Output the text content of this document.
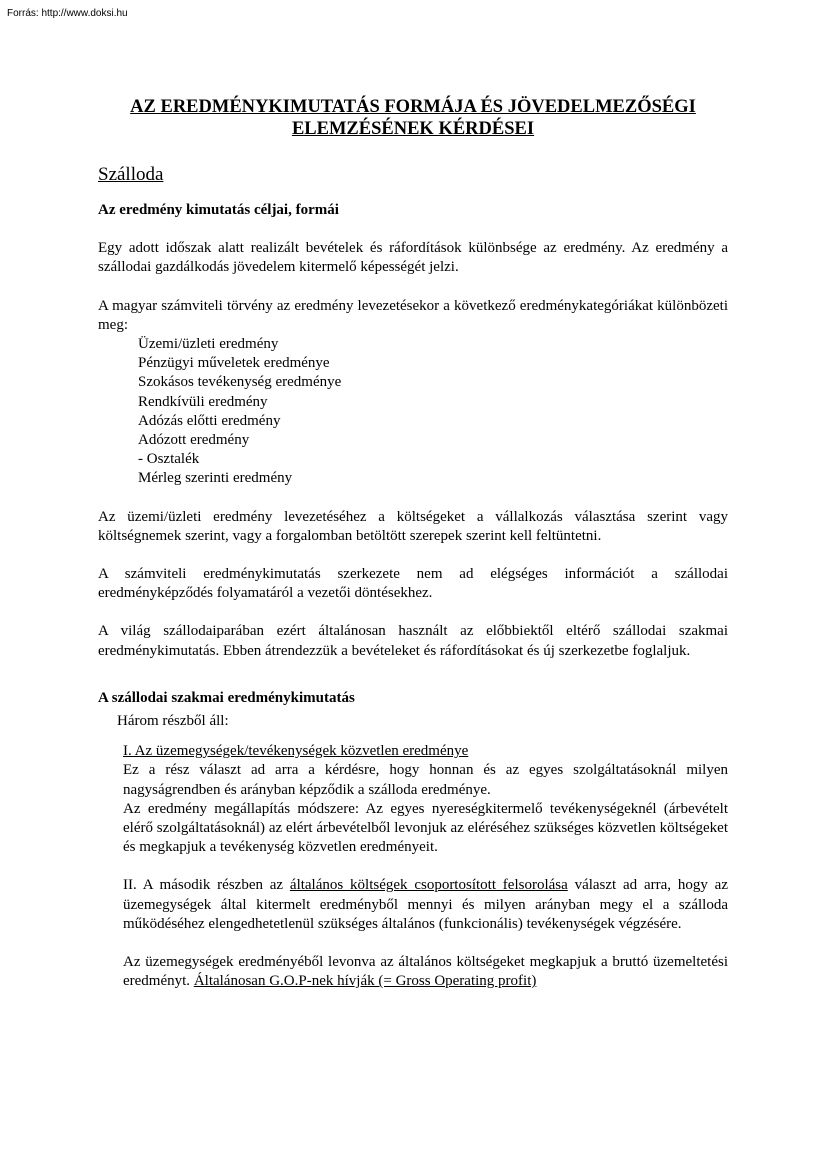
Forrás: http://www.doksi.hu
AZ EREDMÉNYKIMUTATÁS FORMÁJA ÉS JÖVEDELMEZŐSÉGI
ELEMZÉSÉNEK KÉRDÉSEI
Szálloda
Az eredmény kimutatás céljai, formái

Egy adott időszak alatt realizált bevételek és ráfordítások különbsége az eredmény. Az eredmény a szállodai gazdálkodás jövedelem kitermelő képességét jelzi.

A magyar számviteli törvény az eredmény levezetésekor a következő eredménykategóriákat különbözeti meg:

Üzemi/üzleti eredmény
Pénzügyi műveletek eredménye
Szokásos tevékenység eredménye
Rendkívüli eredmény
Adózás előtti eredmény
Adózott eredmény
- Osztalék
Mérleg szerinti eredmény

Az üzemi/üzleti eredmény levezetéséhez a költségeket a vállalkozás választása szerint vagy költségnemek szerint, vagy a forgalomban betöltött szerepek szerint kell feltüntetni.

A számviteli eredménykimutatás szerkezete nem ad elégséges információt a szállodai eredményképződés folyamatáról a vezetői döntésekhez.

A világ szállodaiparában ezért általánosan használt az előbbiektől eltérő szállodai szakmai eredménykimutatás. Ebben átrendezzük a bevételeket és ráfordításokat és új szerkezetbe foglaljuk.

A szállodai szakmai eredménykimutatás
Három részből áll:
I. Az üzemegységek/tevékenységek közvetlen eredménye

Ez a rész választ ad arra a kérdésre, hogy honnan és az egyes szolgáltatásoknál milyen nagyságrendben és arányban képződik a szálloda eredménye.

Az eredmény megállapítás módszere: Az egyes nyereségkitermelő tevékenységeknél (árbevételt elérő szolgáltatásoknál) az elért árbevételből levonjuk az eléréséhez szükséges közvetlen költségeket és megkapjuk a tevékenység közvetlen eredményeit.

II. A második részben az általános költségek csoportosított felsorolása választ ad arra, hogy az üzemegységek által kitermelt eredményből mennyi és milyen arányban megy el a szálloda működéséhez elengedhetetlenül szükséges általános (funkcionális) tevékenységek végzésére.

Az üzemegységek eredményéből levonva az általános költségeket megkapjuk a bruttó üzemeltetési eredményt. Általánosan G.O.P-nek hívják (= Gross Operating profit)
